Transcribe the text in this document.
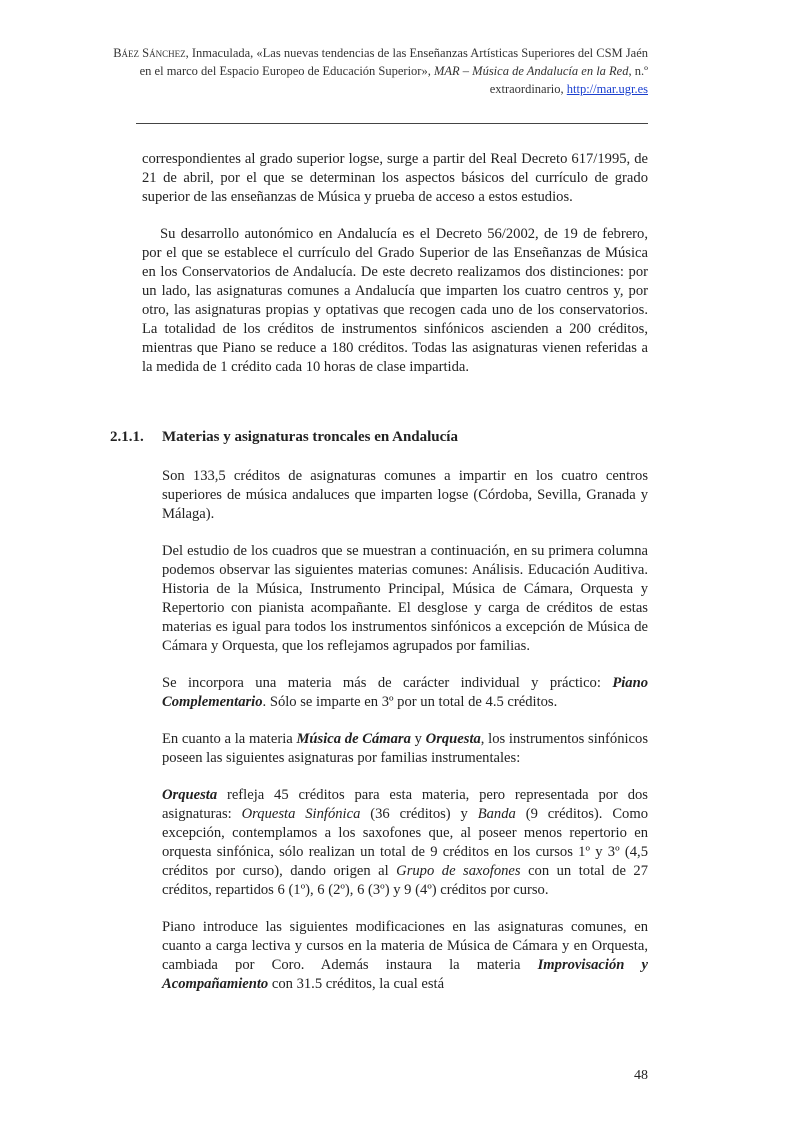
Báez Sánchez, Inmaculada, «Las nuevas tendencias de las Enseñanzas Artísticas Superiores del CSM Jaén en el marco del Espacio Europeo de Educación Superior», MAR – Música de Andalucía en la Red, n.º extraordinario, http://mar.ugr.es

correspondientes al grado superior logse, surge a partir del Real Decreto 617/1995, de 21 de abril, por el que se determinan los aspectos básicos del currículo de grado superior de las enseñanzas de Música y prueba de acceso a estos estudios.

Su desarrollo autonómico en Andalucía es el Decreto 56/2002, de 19 de febrero, por el que se establece el currículo del Grado Superior de las Enseñanzas de Música en los Conservatorios de Andalucía. De este decreto realizamos dos distinciones: por un lado, las asignaturas comunes a Andalucía que imparten los cuatro centros y, por otro, las asignaturas propias y optativas que recogen cada uno de los conservatorios. La totalidad de los créditos de instrumentos sinfónicos ascienden a 200 créditos, mientras que Piano se reduce a 180 créditos. Todas las asignaturas vienen referidas a la medida de 1 crédito cada 10 horas de clase impartida.

2.1.1. Materias y asignaturas troncales en Andalucía

Son 133,5 créditos de asignaturas comunes a impartir en los cuatro centros superiores de música andaluces que imparten logse (Córdoba, Sevilla, Granada y Málaga).

Del estudio de los cuadros que se muestran a continuación, en su primera columna podemos observar las siguientes materias comunes: Análisis. Educación Auditiva. Historia de la Música, Instrumento Principal, Música de Cámara, Orquesta y Repertorio con pianista acompañante. El desglose y carga de créditos de estas materias es igual para todos los instrumentos sinfónicos a excepción de Música de Cámara y Orquesta, que los reflejamos agrupados por familias.

Se incorpora una materia más de carácter individual y práctico: Piano Complementario. Sólo se imparte en 3º por un total de 4.5 créditos.

En cuanto a la materia Música de Cámara y Orquesta, los instrumentos sinfónicos poseen las siguientes asignaturas por familias instrumentales:

Orquesta refleja 45 créditos para esta materia, pero representada por dos asignaturas: Orquesta Sinfónica (36 créditos) y Banda (9 créditos). Como excepción, contemplamos a los saxofones que, al poseer menos repertorio en orquesta sinfónica, sólo realizan un total de 9 créditos en los cursos 1º y 3º (4,5 créditos por curso), dando origen al Grupo de saxofones con un total de 27 créditos, repartidos 6 (1º), 6 (2º), 6 (3º) y 9 (4º) créditos por curso.

Piano introduce las siguientes modificaciones en las asignaturas comunes, en cuanto a carga lectiva y cursos en la materia de Música de Cámara y en Orquesta, cambiada por Coro. Además instaura la materia Improvisación y Acompañamiento con 31.5 créditos, la cual está

48
